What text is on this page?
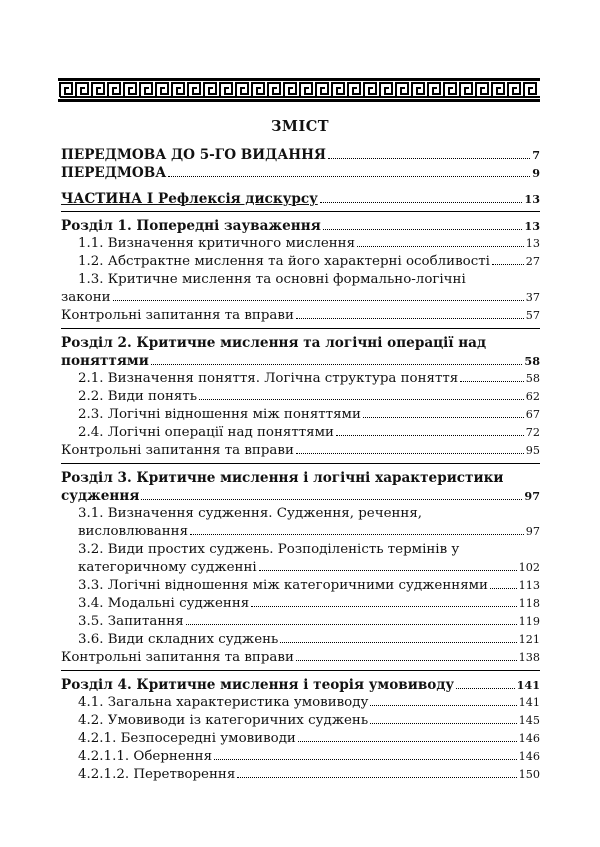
ЗМІСТ
ПЕРЕДМОВА ДО 5-ГО ВИДАННЯ	7
ПЕРЕДМОВА	9
ЧАСТИНА І Рефлексія дискурсу	13
Розділ 1. Попередні зауваження	13
1.1. Визначення критичного мислення	13
1.2. Абстрактне мислення та його характерні особливості	27
1.3. Критичне мислення та основні формально-логічні
закони	37
Контрольні запитання та вправи	57
Розділ 2. Критичне мислення та логічні операції над
поняттями	58
2.1. Визначення поняття. Логічна структура поняття	58
2.2. Види понять	62
2.3. Логічні відношення між поняттями	67
2.4. Логічні операції над поняттями	72
Контрольні запитання та вправи	95
Розділ 3. Критичне мислення і логічні характеристики
судження	97
3.1. Визначення судження. Судження, речення,
висловлювання	97
3.2. Види простих суджень. Розподіленість термінів у
категоричному судженні	102
3.3. Логічні відношення між категоричними судженнями	113
3.4. Модальні судження	118
3.5. Запитання	119
3.6. Види складних суджень	121
Контрольні запитання та вправи	138
Розділ 4. Критичне мислення і теорія умовиводу	141
4.1. Загальна характеристика умовиводу	141
4.2. Умовиводи із категоричних суджень	145
4.2.1. Безпосередні умовиводи	146
4.2.1.1. Обернення	146
4.2.1.2. Перетворення	150
